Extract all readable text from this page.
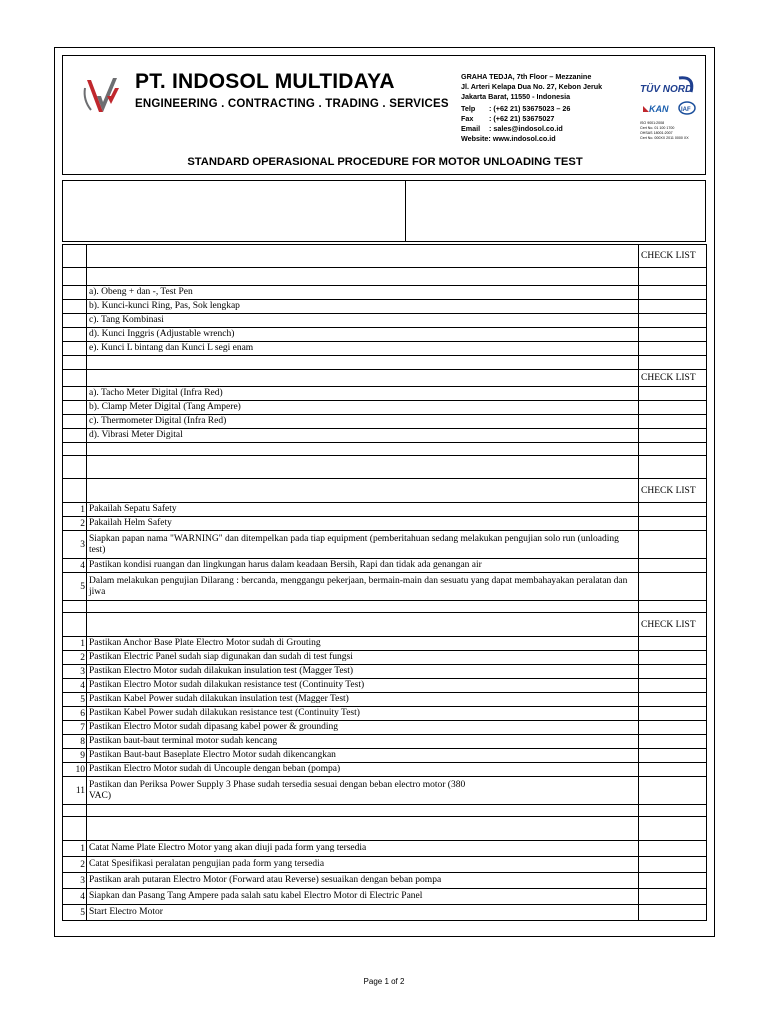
PT. INDOSOL MULTIDAYA
ENGINEERING . CONTRACTING . TRADING . SERVICES
GRAHA TEDJA, 7th Floor – Mezzanine
Jl. Arteri Kelapa Dua No. 27, Kebon Jeruk
Jakarta Barat, 11550 - Indonesia
Telp : (+62 21) 53675023 – 26
Fax : (+62 21) 53675027
Email : sales@indosol.co.id
Website: www.indosol.co.id
TÜV NORD
KAN IAF
ISO 9001:2008
Cert No. 01 100 1700
OHSAS 18001:2007
Cert No. 000XX 2011 0000 XX
STANDARD OPERASIONAL PROCEDURE FOR MOTOR UNLOADING TEST
		CHECK LIST

	a). Obeng + dan -, Test Pen	
	b). Kunci-kunci Ring, Pas, Sok lengkap	
	c). Tang Kombinasi	
	d). Kunci Inggris (Adjustable wrench)	
	e). Kunci L bintang dan Kunci L segi enam	

		CHECK LIST
	a). Tacho Meter Digital (Infra Red)	
	b). Clamp Meter Digital (Tang Ampere)	
	c). Thermometer Digital (Infra Red)	
	d). Vibrasi Meter Digital	

		CHECK LIST
1	Pakailah Sepatu Safety	
2	Pakailah Helm Safety	
3	Siapkan papan nama "WARNING" dan ditempelkan pada tiap equipment (pemberitahuan sedang melakukan pengujian solo run (unloading test)	
4	Pastikan kondisi ruangan dan lingkungan harus dalam keadaan Bersih, Rapi dan tidak ada genangan air	
5	Dalam melakukan pengujian Dilarang : bercanda, menggangu pekerjaan, bermain-main dan sesuatu yang dapat membahayakan peralatan dan jiwa	

		CHECK LIST
1	Pastikan Anchor Base Plate Electro Motor sudah di Grouting	
2	Pastikan Electric Panel sudah siap digunakan dan sudah di test fungsi	
3	Pastikan Electro Motor sudah dilakukan insulation test (Magger Test)	
4	Pastikan Electro Motor sudah dilakukan resistance test (Continuity Test)	
5	Pastikan Kabel Power sudah dilakukan insulation test (Magger Test)	
6	Pastikan Kabel Power sudah dilakukan resistance test (Continuity Test)	
7	Pastikan Electro Motor sudah dipasang kabel power & grounding	
8	Pastikan baut-baut terminal motor sudah kencang	
9	Pastikan Baut-baut Baseplate Electro Motor sudah dikencangkan	
10	Pastikan Electro Motor sudah di Uncouple dengan beban (pompa)	
11	Pastikan dan Periksa Power Supply 3 Phase sudah tersedia sesuai dengan beban electro motor (380 VAC)	

1	Catat Name Plate Electro Motor yang akan diuji pada form yang tersedia	
2	Catat Spesifikasi peralatan pengujian pada form yang tersedia	
3	Pastikan arah putaran Electro Motor (Forward atau Reverse) sesuaikan dengan beban pompa	
4	Siapkan dan Pasang Tang Ampere pada salah satu kabel Electro Motor di Electric Panel	
5	Start Electro Motor	
Page 1 of 2
